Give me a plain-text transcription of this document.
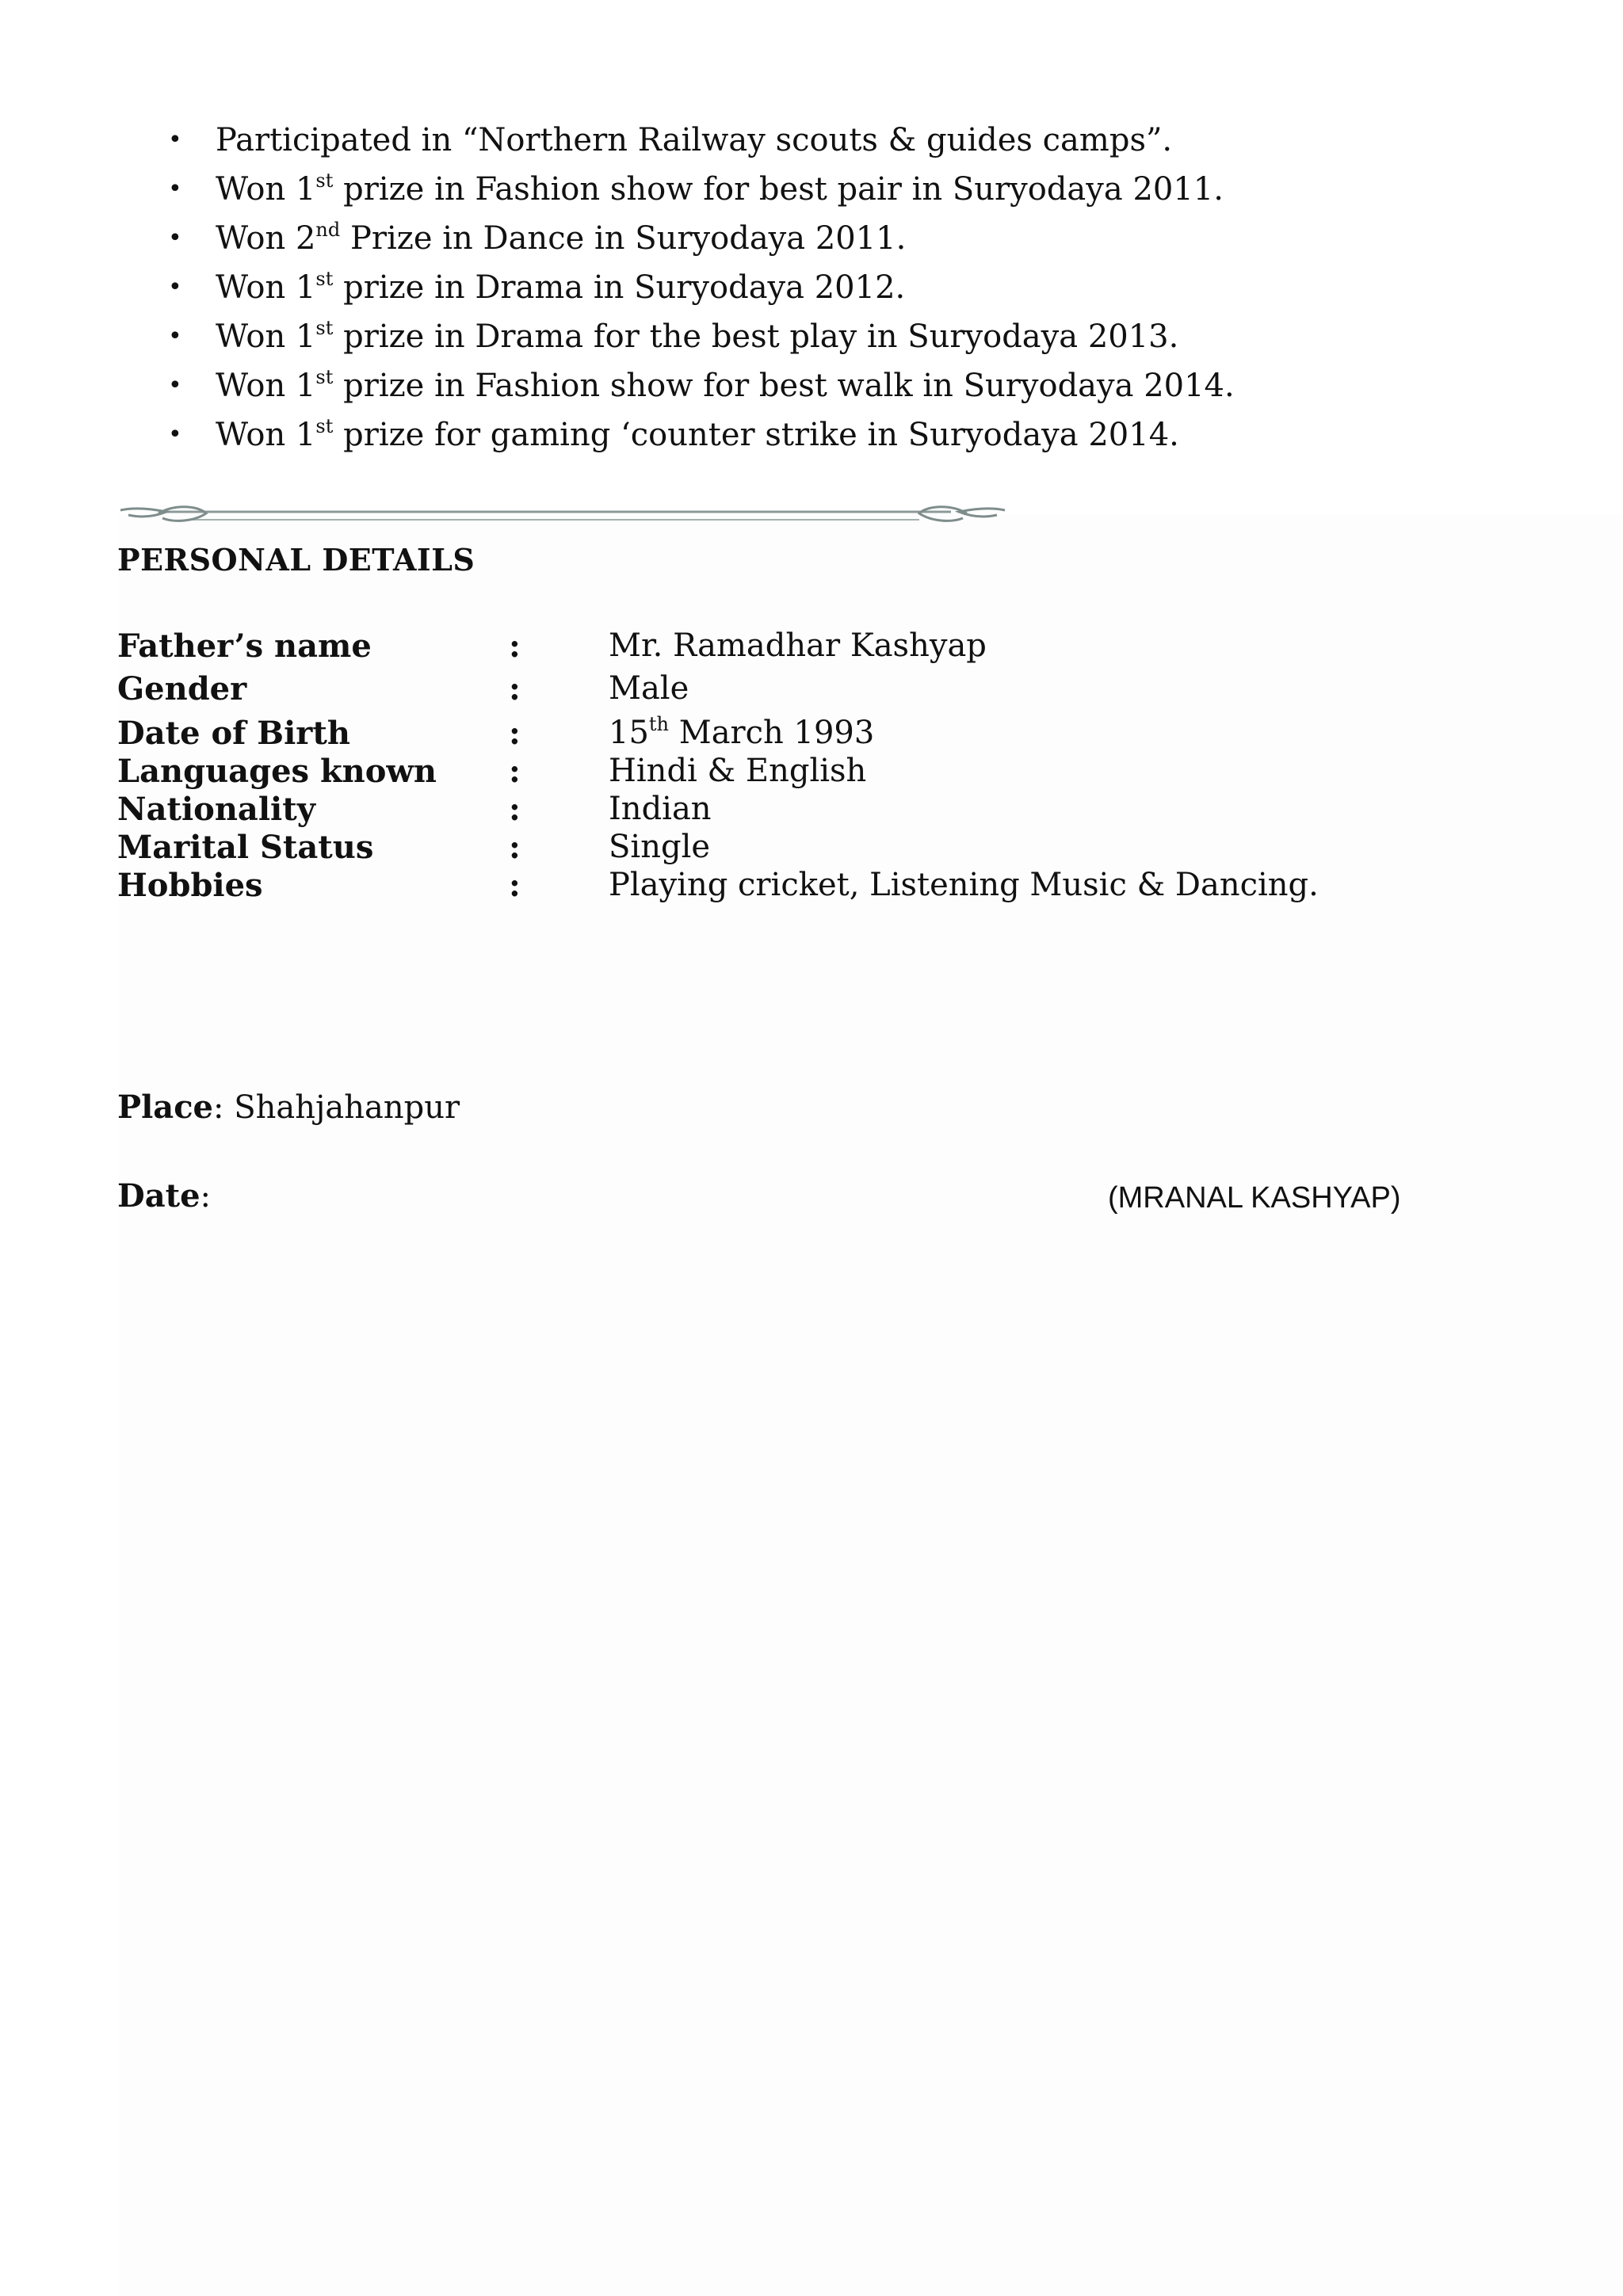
• Participated in “Northern Railway scouts & guides camps”.
• Won 1st prize in Fashion show for best pair in Suryodaya 2011.
• Won 2nd Prize in Dance in Suryodaya 2011.
• Won 1st prize in Drama in Suryodaya 2012.
• Won 1st prize in Drama for the best play in Suryodaya 2013.
• Won 1st prize in Fashion show for best walk in Suryodaya 2014.
• Won 1st prize for gaming ‘counter strike in Suryodaya 2014.
PERSONAL DETAILS
Father’s name	:	Mr. Ramadhar Kashyap
Gender	:	Male
Date of Birth	:	15th March 1993
Languages known :	Hindi & English
Nationality	:	Indian
Marital Status	:	Single
Hobbies	:	Playing cricket, Listening Music & Dancing.
Place: Shahjahanpur
Date:	(MRANAL KASHYAP)
